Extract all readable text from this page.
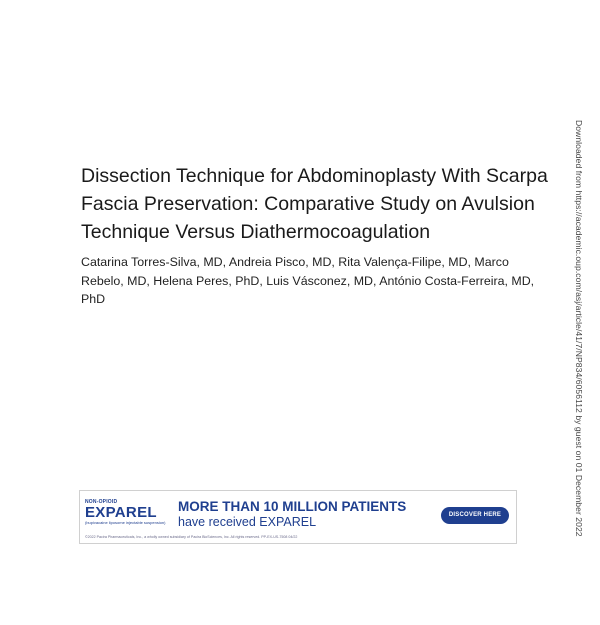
Dissection Technique for Abdominoplasty With Scarpa Fascia Preservation: Comparative Study on Avulsion Technique Versus Diathermocoagulation

Catarina Torres-Silva, MD, Andreia Pisco, MD, Rita Valença-Filipe, MD, Marco Rebelo, MD, Helena Peres, PhD, Luis Vásconez, MD, António Costa-Ferreira, MD, PhD	Downloaded from https://academic.oup.com/asj/article/41/7/NP834/6056112 by guest on 01 December 2022
NON-OPIOID
EXPAREL
(bupivacaine liposome injectable suspension)
MORE THAN 10 MILLION PATIENTS
have received EXPAREL	DISCOVER HERE
©2022 Pacira Pharmaceuticals, Inc., a wholly owned subsidiary of Pacira BioSciences, Inc. All rights reserved. PP-EX-US-7508 04/22
